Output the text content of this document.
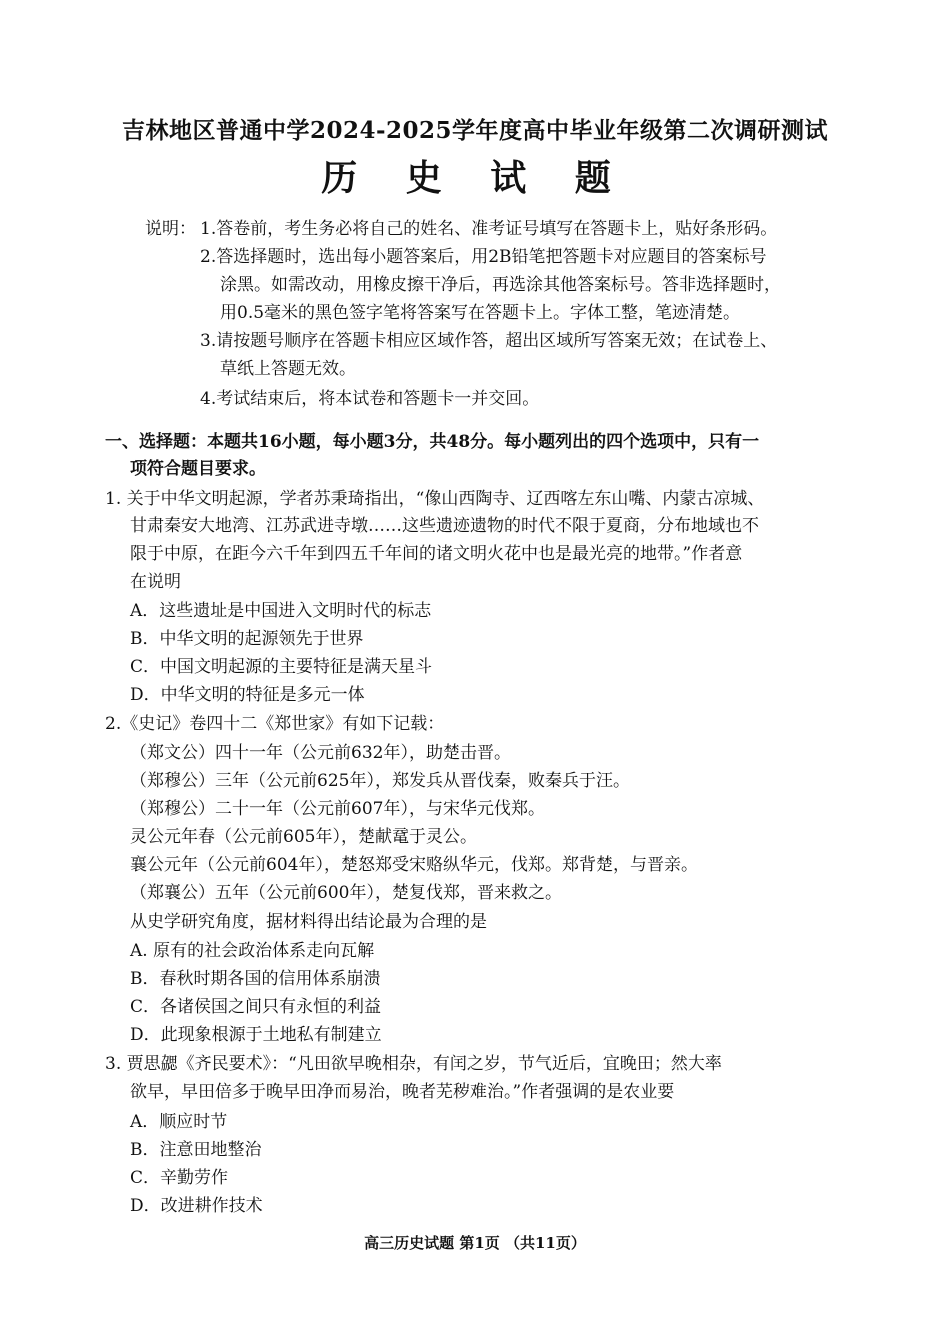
吉林地区普通中学2024-2025学年度高中毕业年级第二次调研测试
历 史 试 题
说明： 1.答卷前，考生务必将自己的姓名、准考证号填写在答题卡上，贴好条形码。
2.答选择题时，选出每小题答案后，用2B铅笔把答题卡对应题目的答案标号
涂黑。如需改动，用橡皮擦干净后，再选涂其他答案标号。答非选择题时，
用0.5毫米的黑色签字笔将答案写在答题卡上。字体工整，笔迹清楚。
3.请按题号顺序在答题卡相应区域作答，超出区域所写答案无效；在试卷上、
草纸上答题无效。
4.考试结束后，将本试卷和答题卡一并交回。
一、选择题：本题共16小题，每小题3分，共48分。每小题列出的四个选项中，只有一
项符合题目要求。
1. 关于中华文明起源，学者苏秉琦指出，“像山西陶寺、辽西喀左东山嘴、内蒙古凉城、
甘肃秦安大地湾、江苏武进寺墩……这些遗迹遗物的时代不限于夏商，分布地域也不
限于中原，在距今六千年到四五千年间的诸文明火花中也是最光亮的地带。”作者意
在说明
A．这些遗址是中国进入文明时代的标志
B．中华文明的起源领先于世界
C．中国文明起源的主要特征是满天星斗
D．中华文明的特征是多元一体
2.《史记》卷四十二《郑世家》有如下记载：
（郑文公）四十一年（公元前632年），助楚击晋。
（郑穆公）三年（公元前625年），郑发兵从晋伐秦，败秦兵于汪。
（郑穆公）二十一年（公元前607年），与宋华元伐郑。
灵公元年春（公元前605年），楚献鼋于灵公。
襄公元年（公元前604年），楚怒郑受宋赂纵华元，伐郑。郑背楚，与晋亲。
（郑襄公）五年（公元前600年），楚复伐郑，晋来救之。
从史学研究角度，据材料得出结论最为合理的是
A. 原有的社会政治体系走向瓦解
B．春秋时期各国的信用体系崩溃
C．各诸侯国之间只有永恒的利益
D．此现象根源于土地私有制建立
3. 贾思勰《齐民要术》：“凡田欲早晚相杂，有闰之岁，节气近后，宜晚田；然大率
欲早，早田倍多于晚早田净而易治，晚者芜秽难治。”作者强调的是农业要
A．顺应时节
B．注意田地整治
C．辛勤劳作
D．改进耕作技术
高三历史试题 第1页 （共11页）
